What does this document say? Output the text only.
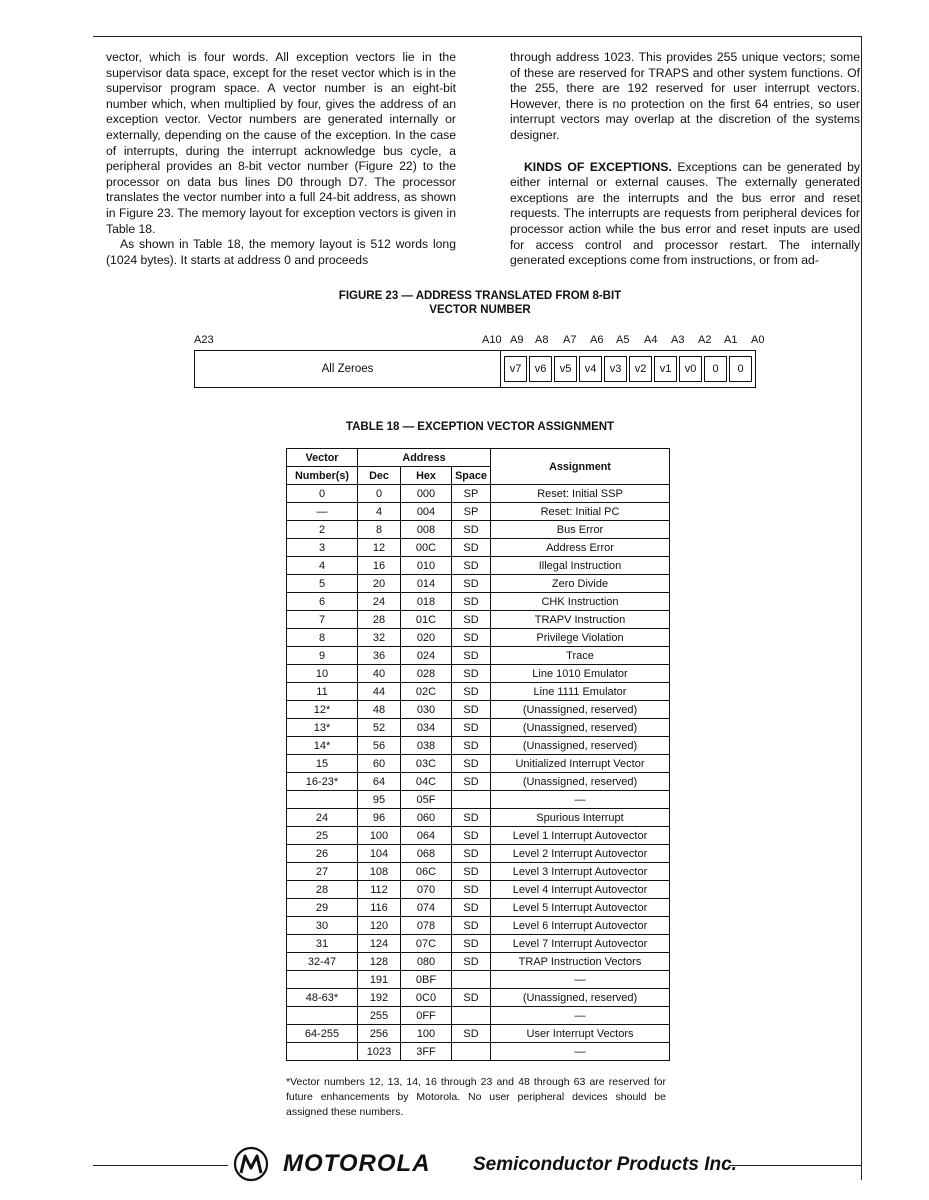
vector, which is four words. All exception vectors lie in the supervisor data space, except for the reset vector which is in the supervisor program space. A vector number is an eight-bit number which, when multiplied by four, gives the address of an exception vector. Vector numbers are generated internally or externally, depending on the cause of the exception. In the case of interrupts, during the interrupt acknowledge bus cycle, a peripheral provides an 8-bit vector number (Figure 22) to the processor on data bus lines D0 through D7. The processor translates the vector number into a full 24-bit address, as shown in Figure 23. The memory layout for exception vectors is given in Table 18.

As shown in Table 18, the memory layout is 512 words long (1024 bytes). It starts at address 0 and proceeds

through address 1023. This provides 255 unique vectors; some of these are reserved for TRAPS and other system functions. Of the 255, there are 192 reserved for user interrupt vectors. However, there is no protection on the first 64 entries, so user interrupt vectors may overlap at the discretion of the systems designer.

KINDS OF EXCEPTIONS. Exceptions can be generated by either internal or external causes. The externally generated exceptions are the interrupts and the bus error and reset requests. The interrupts are requests from peripheral devices for processor action while the bus error and reset inputs are used for access control and processor restart. The internally generated exceptions come from instructions, or from ad-

FIGURE 23 — ADDRESS TRANSLATED FROM 8-BIT
VECTOR NUMBER
A23	A10 A9 A8 A7 A6 A5 A4 A3 A2 A1 A0
All Zeroes	v7	v6	v5	v4	v3	v2	v1	v0	0	0
TABLE 18 — EXCEPTION VECTOR ASSIGNMENT
Vector	Address			Assignment
Number(s)	Dec	Hex	Space	
0	0	000	SP	Reset: Initial SSP
—	4	004	SP	Reset: Initial PC
2	8	008	SD	Bus Error
3	12	00C	SD	Address Error
4	16	010	SD	Illegal Instruction
5	20	014	SD	Zero Divide
6	24	018	SD	CHK Instruction
7	28	01C	SD	TRAPV Instruction
8	32	020	SD	Privilege Violation
9	36	024	SD	Trace
10	40	028	SD	Line 1010 Emulator
11	44	02C	SD	Line 1111 Emulator
12*	48	030	SD	(Unassigned, reserved)
13*	52	034	SD	(Unassigned, reserved)
14*	56	038	SD	(Unassigned, reserved)
15	60	03C	SD	Unitialized Interrupt Vector
16-23*	64	04C	SD	(Unassigned, reserved)
	95	05F		—
24	96	060	SD	Spurious Interrupt
25	100	064	SD	Level 1 Interrupt Autovector
26	104	068	SD	Level 2 Interrupt Autovector
27	108	06C	SD	Level 3 Interrupt Autovector
28	112	070	SD	Level 4 Interrupt Autovector
29	116	074	SD	Level 5 Interrupt Autovector
30	120	078	SD	Level 6 Interrupt Autovector
31	124	07C	SD	Level 7 Interrupt Autovector
32-47	128	080	SD	TRAP Instruction Vectors
	191	0BF		—
48-63*	192	0C0	SD	(Unassigned, reserved)
	255	0FF		—
64-255	256	100	SD	User Interrupt Vectors
	1023	3FF		—
*Vector numbers 12, 13, 14, 16 through 23 and 48 through 63 are reserved for future enhancements by Motorola. No user peripheral devices should be assigned these numbers.
MOTOROLA Semiconductor Products Inc.
